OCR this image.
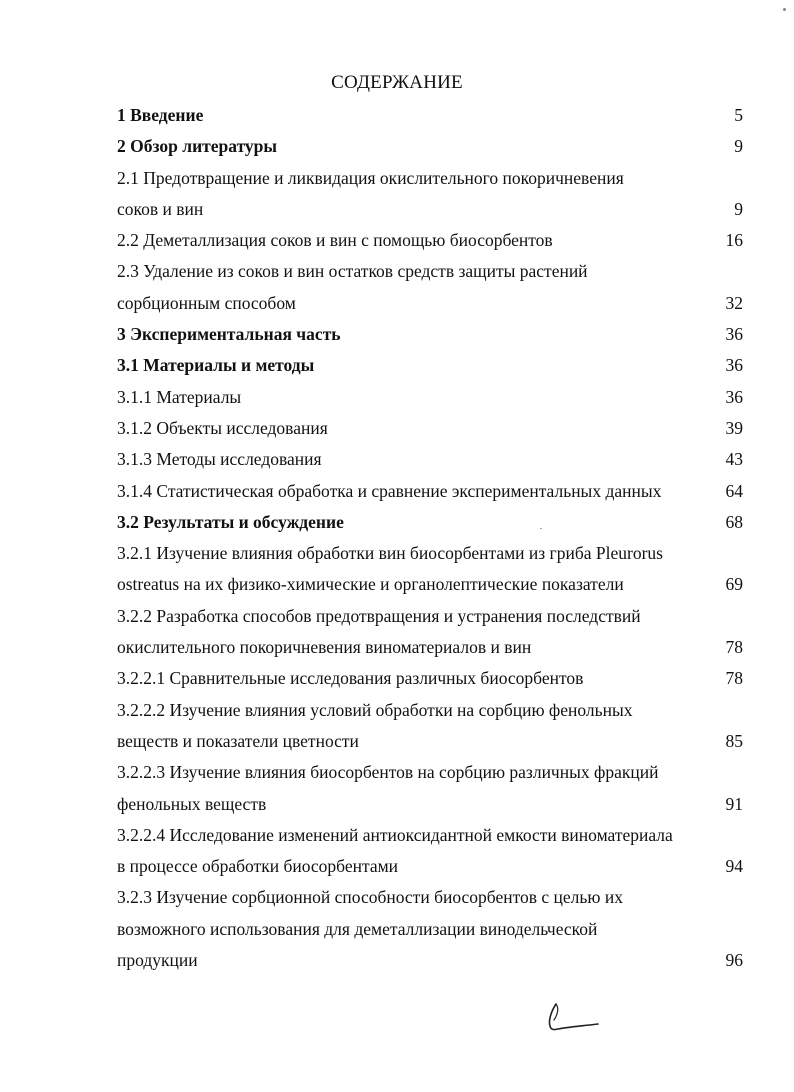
СОДЕРЖАНИЕ
1 Введение	5
2 Обзор литературы	9
2.1 Предотвращение и ликвидация окислительного покоричневения
соков и вин	9
2.2 Деметаллизация соков и вин с помощью биосорбентов	16
2.3 Удаление из соков и вин остатков средств защиты растений
сорбционным способом	32
3 Экспериментальная часть	36
3.1 Материалы и методы	36
3.1.1 Материалы	36
3.1.2 Объекты исследования	39
3.1.3 Методы исследования	43
3.1.4 Статистическая обработка и сравнение экспериментальных данных	64
3.2 Результаты и обсуждение	68
3.2.1 Изучение влияния обработки вин биосорбентами из гриба Pleurorus
ostreatus на их физико-химические и органолептические показатели	69
3.2.2 Разработка способов предотвращения и устранения последствий
окислительного покоричневения виноматериалов и вин	78
3.2.2.1 Сравнительные исследования различных биосорбентов	78
3.2.2.2 Изучение влияния условий обработки на сорбцию фенольных
веществ и показатели цветности	85
3.2.2.3 Изучение влияния биосорбентов на сорбцию различных фракций
фенольных веществ	91
3.2.2.4 Исследование изменений антиоксидантной емкости виноматериала
в процессе обработки биосорбентами	94
3.2.3 Изучение сорбционной способности биосорбентов с целью их
возможного использования для деметаллизации винодельческой
продукции	96
